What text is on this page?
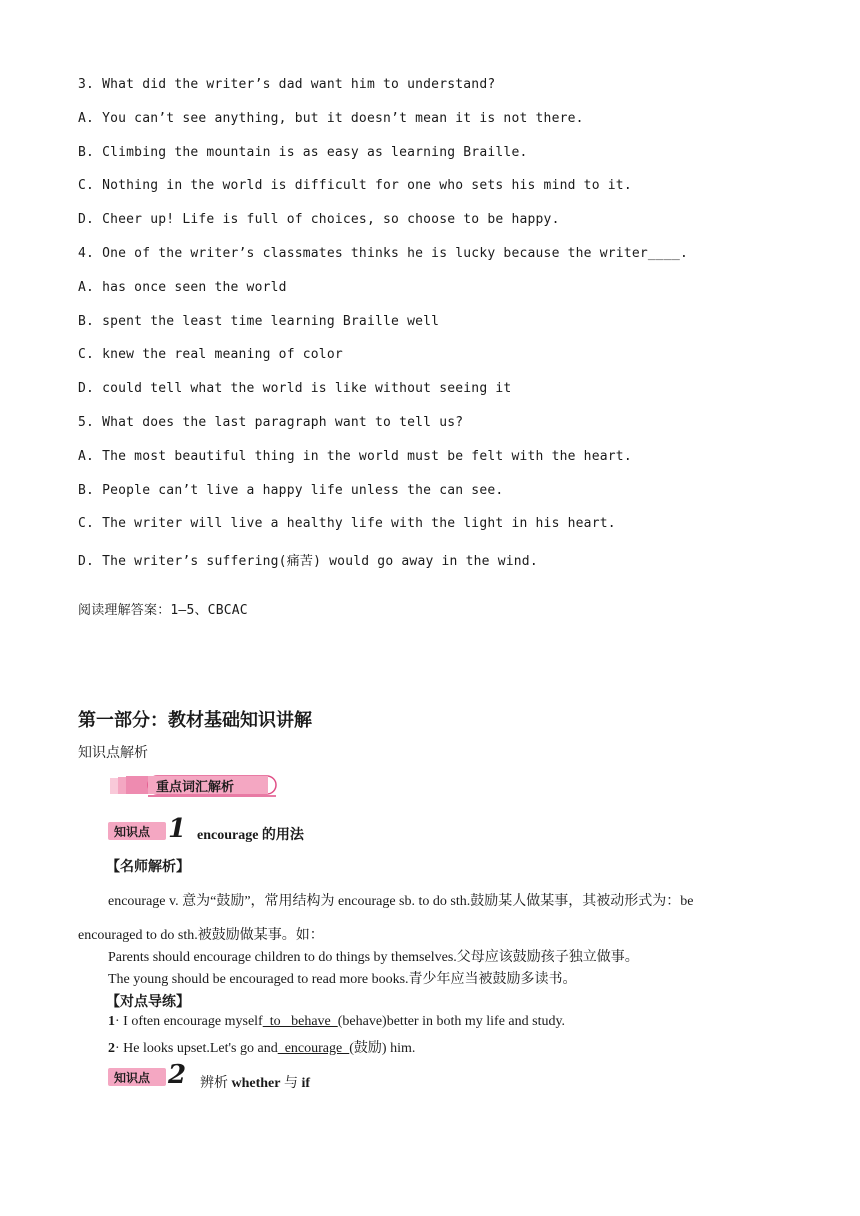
3. What did the writer’s dad want him to understand?
A. You can’t see anything, but it doesn’t mean it is not there.
B. Climbing the mountain is as easy as learning Braille.
C. Nothing in the world is difficult for one who sets his mind to it.
D. Cheer up! Life is full of choices, so choose to be happy.
4. One of the writer’s classmates thinks he is lucky because the writer____.
A. has once seen the world
B. spent the least time learning Braille well
C. knew the real meaning of color
D. could tell what the world is like without seeing it
5. What does the last paragraph want to tell us?
A. The most beautiful thing in the world must be felt with the heart.
B. People can’t live a happy life unless the can see.
C. The writer will live a healthy life with the light in his heart.
D. The writer’s suffering(痛苦) would go away in the wind.
阅读理解答案：1—5、CBCAC
第一部分：教材基础知识讲解
知识点解析
重点词汇解析
知识点 1 encourage 的用法
【名师解析】
encourage v. 意为“鼓励”，常用结构为 encourage sb. to do sth.鼓励某人做某事，其被动形式为：be
encouraged to do sth.被鼓励做某事。如：
Parents should encourage children to do things by themselves.父母应该鼓励孩子独立做事。
The young should be encouraged to read more books.青少年应当被鼓励多读书。
【对点导练】
1· I often encourage myself  to   behave  (behave)better in both my life and study.
2· He looks upset.Let's go and  encourage  (鼓励) him.
知识点 2 辨析 whether 与 if
